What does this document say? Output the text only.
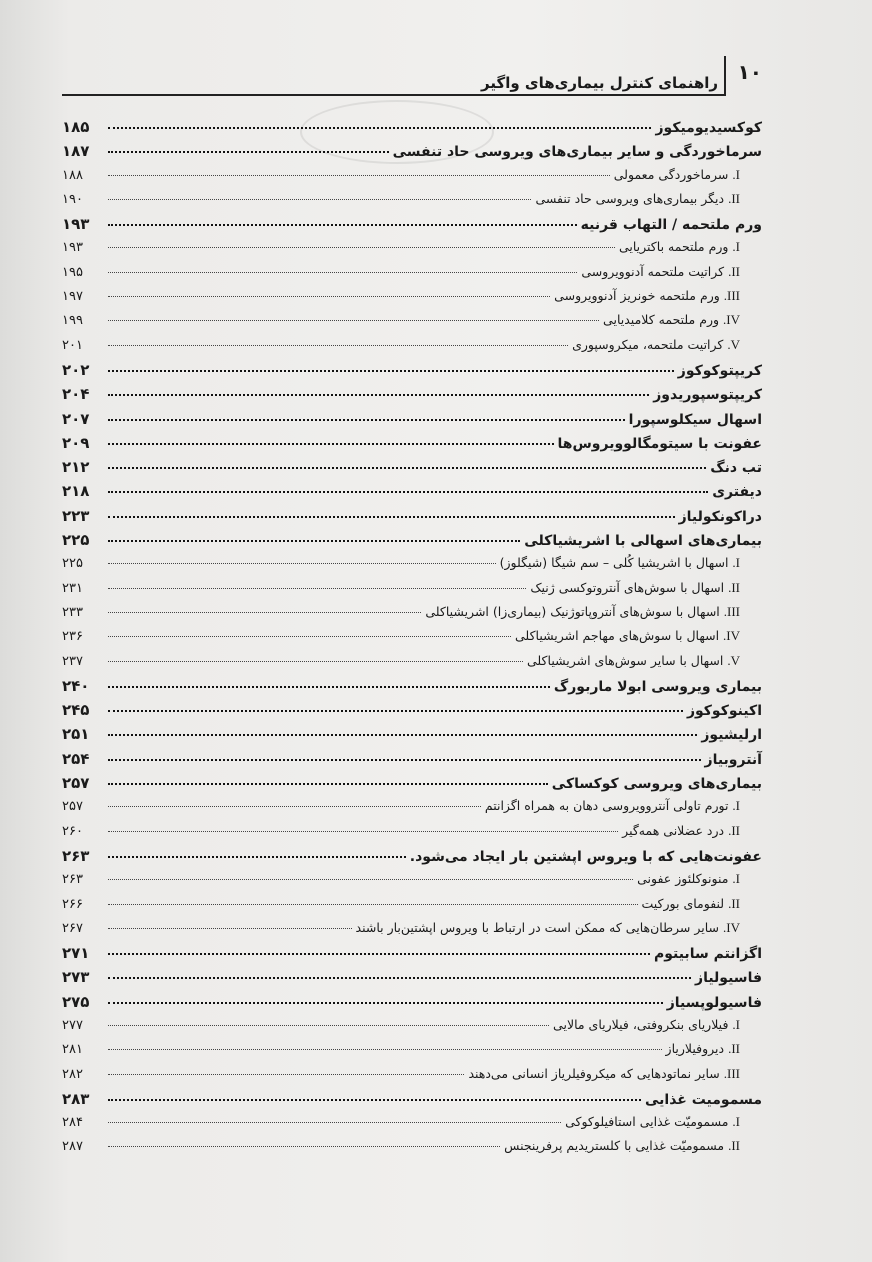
۱۰
راهنمای کنترل بیماری‌های واگیر
کوکسیدیومیکوز
۱۸۵
سرماخوردگی و سایر بیماری‌های ویروسی حاد تنفسی
۱۸۷
I. سرماخوردگی معمولی
۱۸۸
II. دیگر بیماری‌های ویروسی حاد تنفسی
۱۹۰
ورم ملتحمه / التهاب قرنیه
۱۹۳
I. ورم ملتحمه باکتریایی
۱۹۳
II. کراتیت ملتحمه آدنوویروسی
۱۹۵
III. ورم ملتحمه خونریز آدنوویروسی
۱۹۷
IV. ورم ملتحمه کلامیدیایی
۱۹۹
V. کراتیت ملتحمه، میکروسپوری
۲۰۱
کریپتوکوکوز
۲۰۲
کریپتوسپوریدوز
۲۰۴
اسهال سیکلوسپورا
۲۰۷
عفونت با سیتومگالوویروس‌ها
۲۰۹
تب دنگ
۲۱۲
دیفتری
۲۱۸
دراکونکولیاز
۲۲۳
بیماری‌های اسهالی با اشریشیاکلی
۲۲۵
I. اسهال با اشریشیا کُلی – سم شیگا (شیگلوز)
۲۲۵
II. اسهال با سوش‌های آنتروتوکسی ژنیک
۲۳۱
III. اسهال با سوش‌های آنتروپاتوژنیک (بیماری‌زا) اشریشیاکلی
۲۳۳
IV. اسهال با سوش‌های مهاجم اشریشیاکلی
۲۳۶
V. اسهال با سایر سوش‌های اشریشیاکلی
۲۳۷
بیماری ویروسی ابولا ماربورگ
۲۴۰
اکینوکوکوز
۲۴۵
ارلیشیوز
۲۵۱
آنتروبیاز
۲۵۴
بیماری‌های ویروسی کوکساکی
۲۵۷
I. تورم تاولی آنتروویروسی دهان به همراه اگزانتم
۲۵۷
II. درد عضلانی همه‌گیر
۲۶۰
عفونت‌هایی که با ویروس اپشتین بار ایجاد می‌شود.
۲۶۳
I. منونوکلئوز عفونی
۲۶۳
II. لنفومای بورکیت
۲۶۶
IV. سایر سرطان‌هایی که ممکن است در ارتباط با ویروس اپشتین‌بار باشند
۲۶۷
اگزانتم سابیتوم
۲۷۱
فاسیولیاز
۲۷۳
فاسیولوپسیاز
۲۷۵
I. فیلاریای بنکروفتی، فیلاریای مالایی
۲۷۷
II. دیروفیلاریاز
۲۸۱
III. سایر نماتودهایی که میکروفیلریاز انسانی می‌دهند
۲۸۲
مسمومیت غذایی
۲۸۳
I. مسمومیّت غذایی استافیلوکوکی
۲۸۴
II. مسمومیّت غذایی با کلستریدیم پرفرینجنس
۲۸۷
